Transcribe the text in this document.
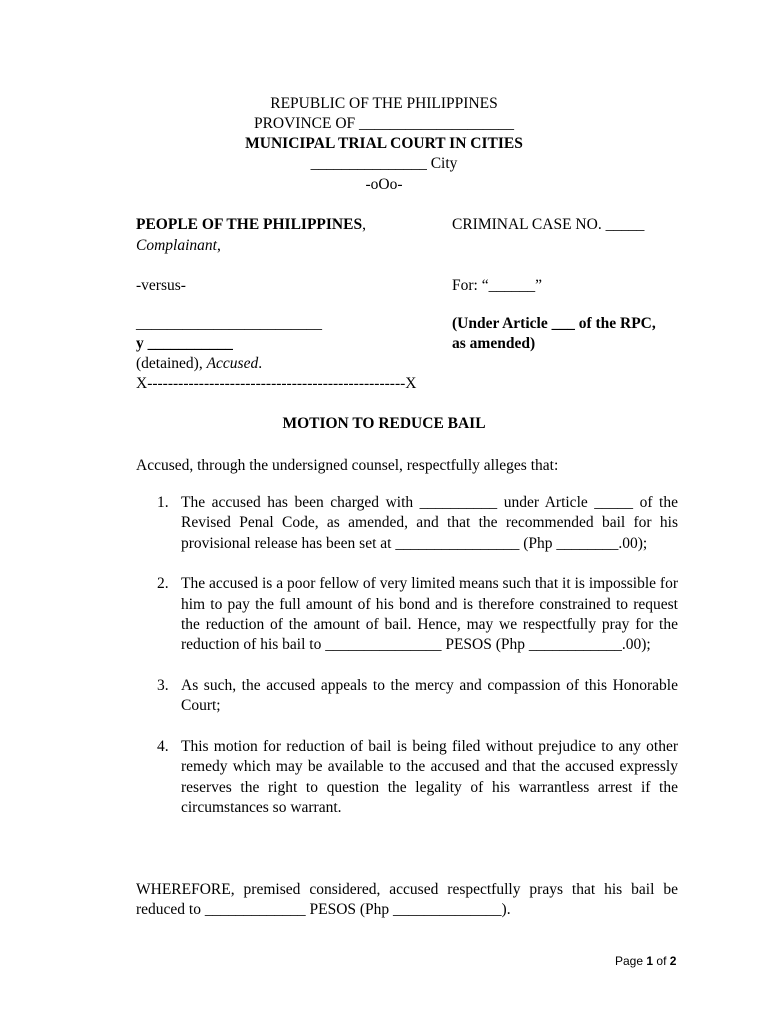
REPUBLIC OF THE PHILIPPINES
PROVINCE OF ____________________
MUNICIPAL TRIAL COURT IN CITIES
_______________ City
-oOo-
PEOPLE OF THE PHILIPPINES,
Complainant,
-versus-
________________________
y ___________
(detained), Accused.
X--------------------------------------------------X
CRIMINAL CASE NO. _____
For: “______”
(Under Article ___ of the RPC,
as amended)
MOTION TO REDUCE BAIL
Accused, through the undersigned counsel, respectfully alleges that:
1. The accused has been charged with __________ under Article _____ of the Revised Penal Code, as amended, and that the recommended bail for his provisional release has been set at ________________ (Php ________.00);
2. The accused is a poor fellow of very limited means such that it is impossible for him to pay the full amount of his bond and is therefore constrained to request the reduction of the amount of bail. Hence, may we respectfully pray for the reduction of his bail to _______________ PESOS (Php ____________.00);
3. As such, the accused appeals to the mercy and compassion of this Honorable Court;
4. This motion for reduction of bail is being filed without prejudice to any other remedy which may be available to the accused and that the accused expressly reserves the right to question the legality of his warrantless arrest if the circumstances so warrant.
WHEREFORE, premised considered, accused respectfully prays that his bail be reduced to _____________ PESOS (Php ______________).
Page 1 of 2
